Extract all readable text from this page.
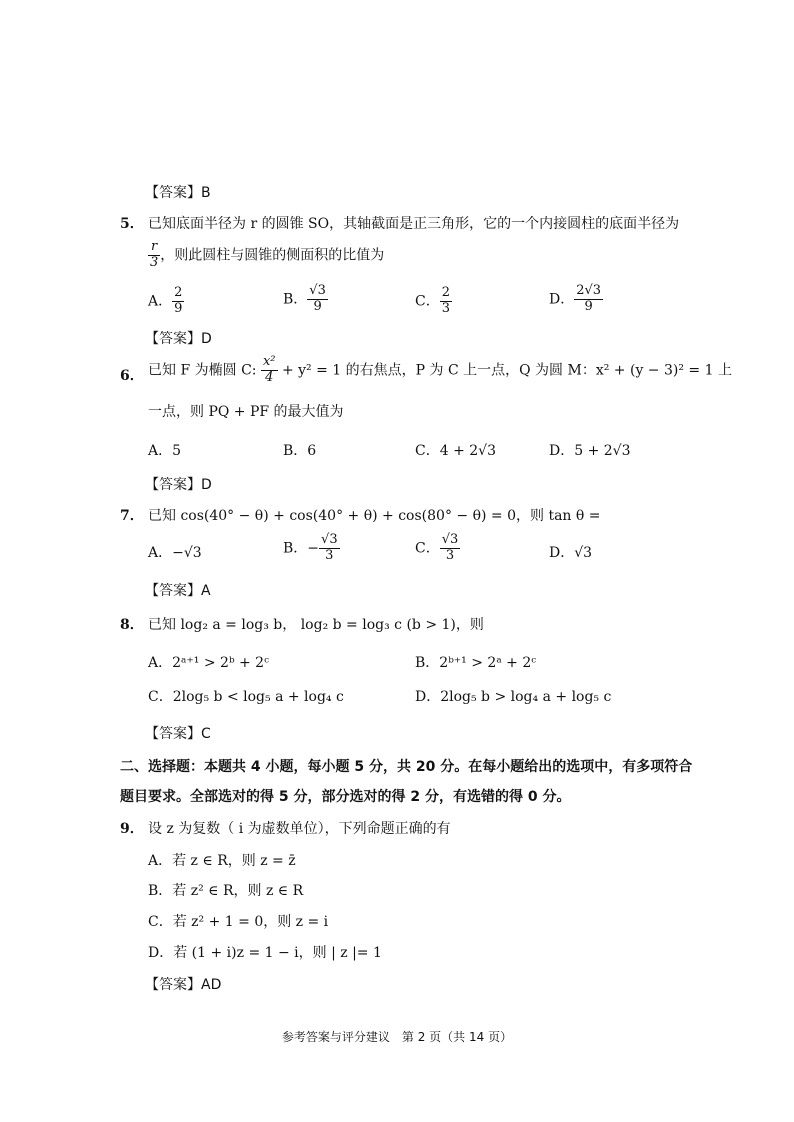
【答案】B
5． 已知底面半径为 r 的圆锥 SO，其轴截面是正三角形，它的一个内接圆柱的底面半径为
$\frac{r}{3}$ ，则此圆柱与圆锥的侧面积的比值为
A． $\frac{2}{9}$	B． $\frac{√3}{9}$	C． $\frac{2}{3}$	D． $\frac{2√3}{9}$
【答案】D
6． 已知 F 为椭圆 C: $\frac{\text{x²}}{4} + y^2 = 1$ 的右焦点，P 为 C 上一点，Q 为圆 M：x² + (y − 3)² = 1 上
一点，则 PQ + PF 的最大值为
A．5	B．6	C．4 + 2√3	D．5 + 2√3
【答案】D
7． 已知 cos(40° − θ) + cos(40° + θ) + cos(80° − θ) = 0，则 tan θ =
A．−√3	B．− $\frac{√3}{3}$	C． $\frac{√3}{3}$	D．√3
【答案】A
8． 已知 log₂ a = log₃ b， log₂ b = log₃ c (b > 1)，则
A．2ᵃ⁺¹ > 2ᵇ + 2ᶜ	B．2ᵇ⁺¹ > 2ᵃ + 2ᶜ
C．2log₅ b < log₅ a + log₄ c	D．2log₅ b > log₄ a + log₅ c
【答案】C
二、选择题：本题共 4 小题，每小题 5 分，共 20 分。在每小题给出的选项中，有多项符合
题目要求。全部选对的得 5 分，部分选对的得 2 分，有选错的得 0 分。
9． 设 z 为复数（ i 为虚数单位），下列命题正确的有
A．若 z ∈ R，则 z = z̄
B．若 z² ∈ R，则 z ∈ R
C．若 z² + 1 = 0，则 z = i
D．若 (1 + i)z = 1 − i，则 | z |= 1
【答案】AD
参考答案与评分建议　第 2 页（共 14 页）
